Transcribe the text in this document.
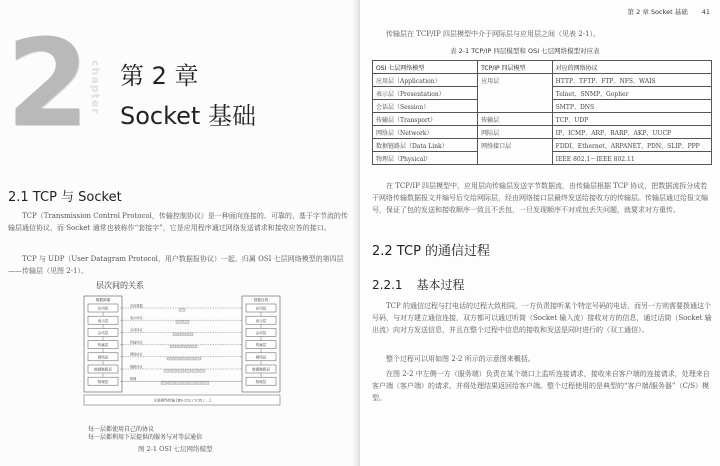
2 chapter 第 2 章
Socket 基础
2.1 TCP 与 Socket
TCP（Transmission Control Protocol，传输控制协议）是一种面向连接的、可靠的、基于字节流的传输层通信协议，而 Socket 通常也被称作“套接字”，它是应用程序通过网络发送请求和接收应答的接口。
TCP 与 UDP（User Datagram Protocol，用户数据报协议）一起，归属 OSI 七层网络模型的第四层——传输层（见图 2-1）。
层次间的关系
数据源端	数据目的
应用层	应用层
应用数据
表示层	表示层
表示协议
会话层	会话层
会话协议
传输层	传输层
传输协议
网络层	网络层
网络协议
数据链路层	数据链路层
链路协议
物理层	物理层
物理
互联网络传输 [RS-232 / V.35 / ...]
每一层都使用自己的协议
每一层都利用下层提供的服务与对等层通信
图 2-1 OSI 七层网络模型
第 2 章 Socket 基础 41
传输层在 TCP/IP 四层模型中介于网际层与应用层之间（见表 2-1）。
表 2-1 TCP/IP 四层模型和 OSI 七层网络模型对应表
OSI 七层网络模型	TCP/IP 四层模型	对应的网络协议
应用层（Application）	应用层	HTTP、TFTP、FTP、NFS、WAIS
表示层（Presentation）		Telnet、SNMP、Gopher
会话层（Session）		SMTP、DNS
传输层（Transport）	传输层	TCP、UDP
网络层（Network）	网际层	IP、ICMP、ARP、RARP、AKP、UUCP
数据链路层（Data Link）	网络接口层	FDDI、Ethernet、ARPANET、PDN、SLIP、PPP
物理层（Physical）		IEEE 802.1～IEEE 802.11
在 TCP/IP 四层模型中，应用层向传输层发送字节数据流，由传输层根据 TCP 协议，把数据流拆分成若干网络传输数据报文并编号后交给网际层，经由网络接口层最终发送给接收方的传输层。传输层通过给报文编号，保证了包的发送和接收顺序一致且不丢包，一旦发现顺序不对或包丢失问题，就要求对方重传。
2.2 TCP 的通信过程
2.2.1 基本过程
TCP 的通信过程与打电话的过程大致相同，一方负责接听某个特定号码的电话，而另一方则需要拨通这个号码，与对方建立通信连接，双方都可以通过听筒（Socket 输入流）接收对方的信息，通过话筒（Socket 输出流）向对方发送信息，并且在整个过程中信息的接收和发送是同时进行的（双工通信）。
整个过程可以用如图 2-2 所示的示意图来概括。
在图 2-2 中左侧一方（服务端）负责在某个端口上监听连接请求，接收来自客户端的连接请求，处理来自客户端（客户端）的请求，并将处理结果返回给客户端。整个过程使用的是典型的“客户端/服务器”（C/S）模型。
